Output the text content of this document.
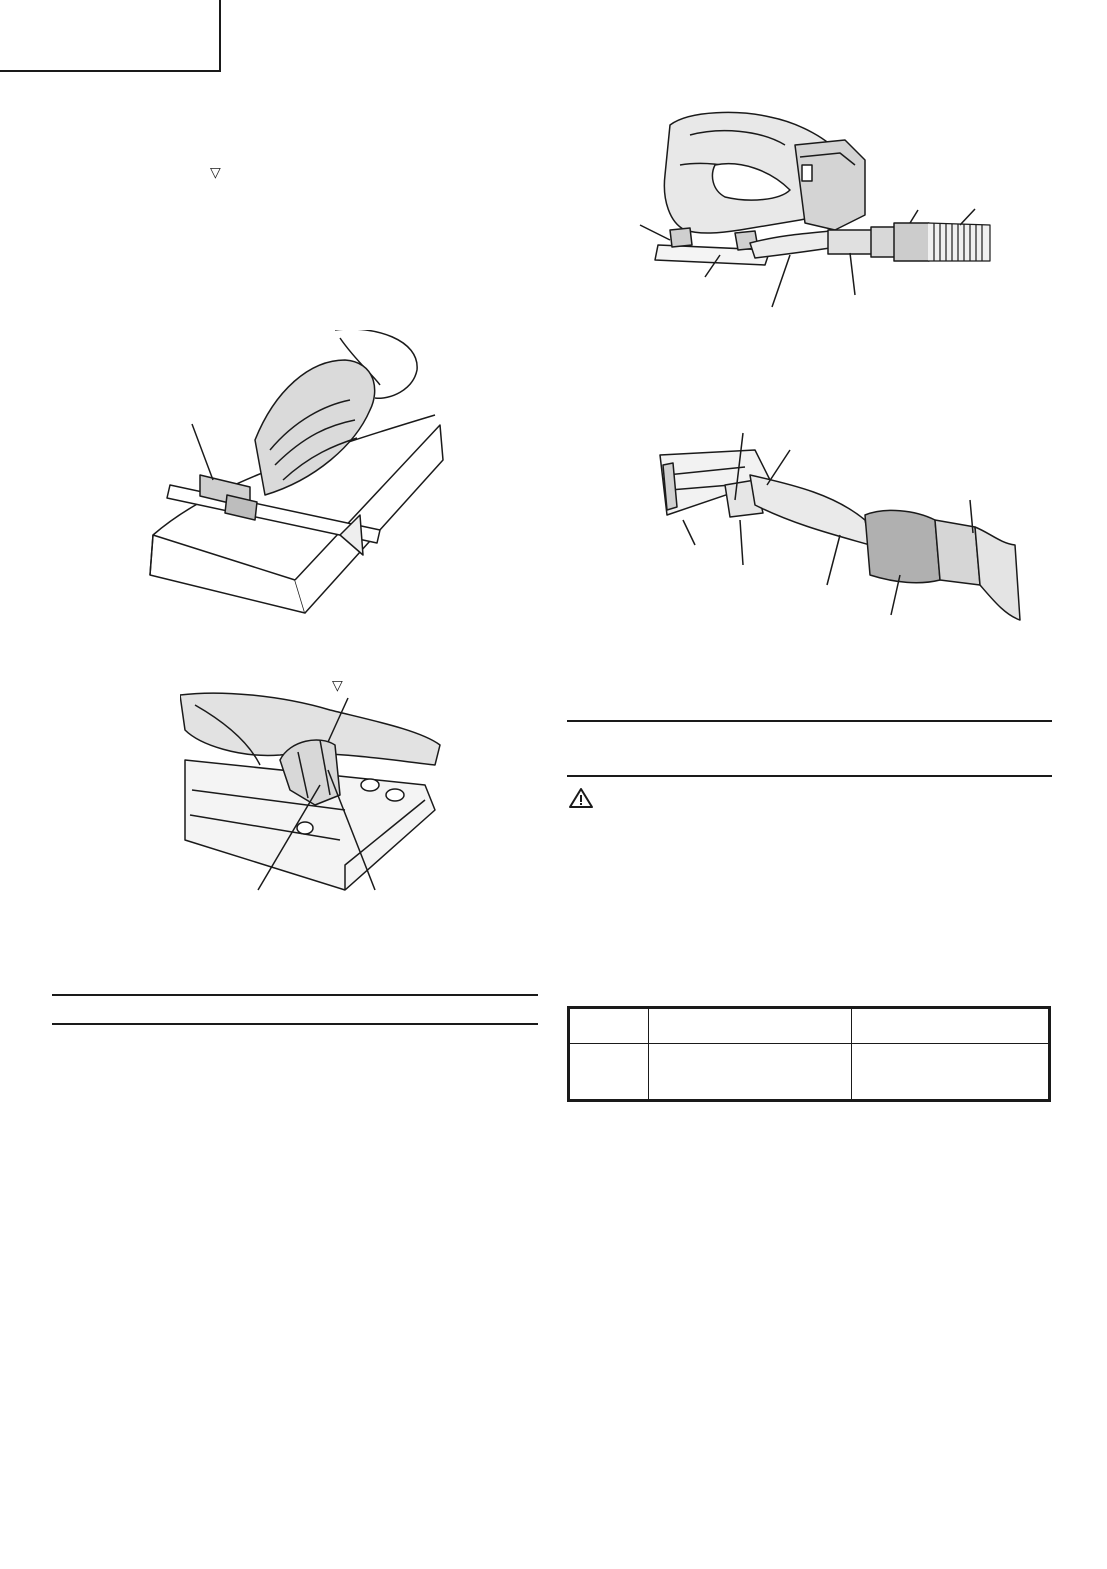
▽
▽
